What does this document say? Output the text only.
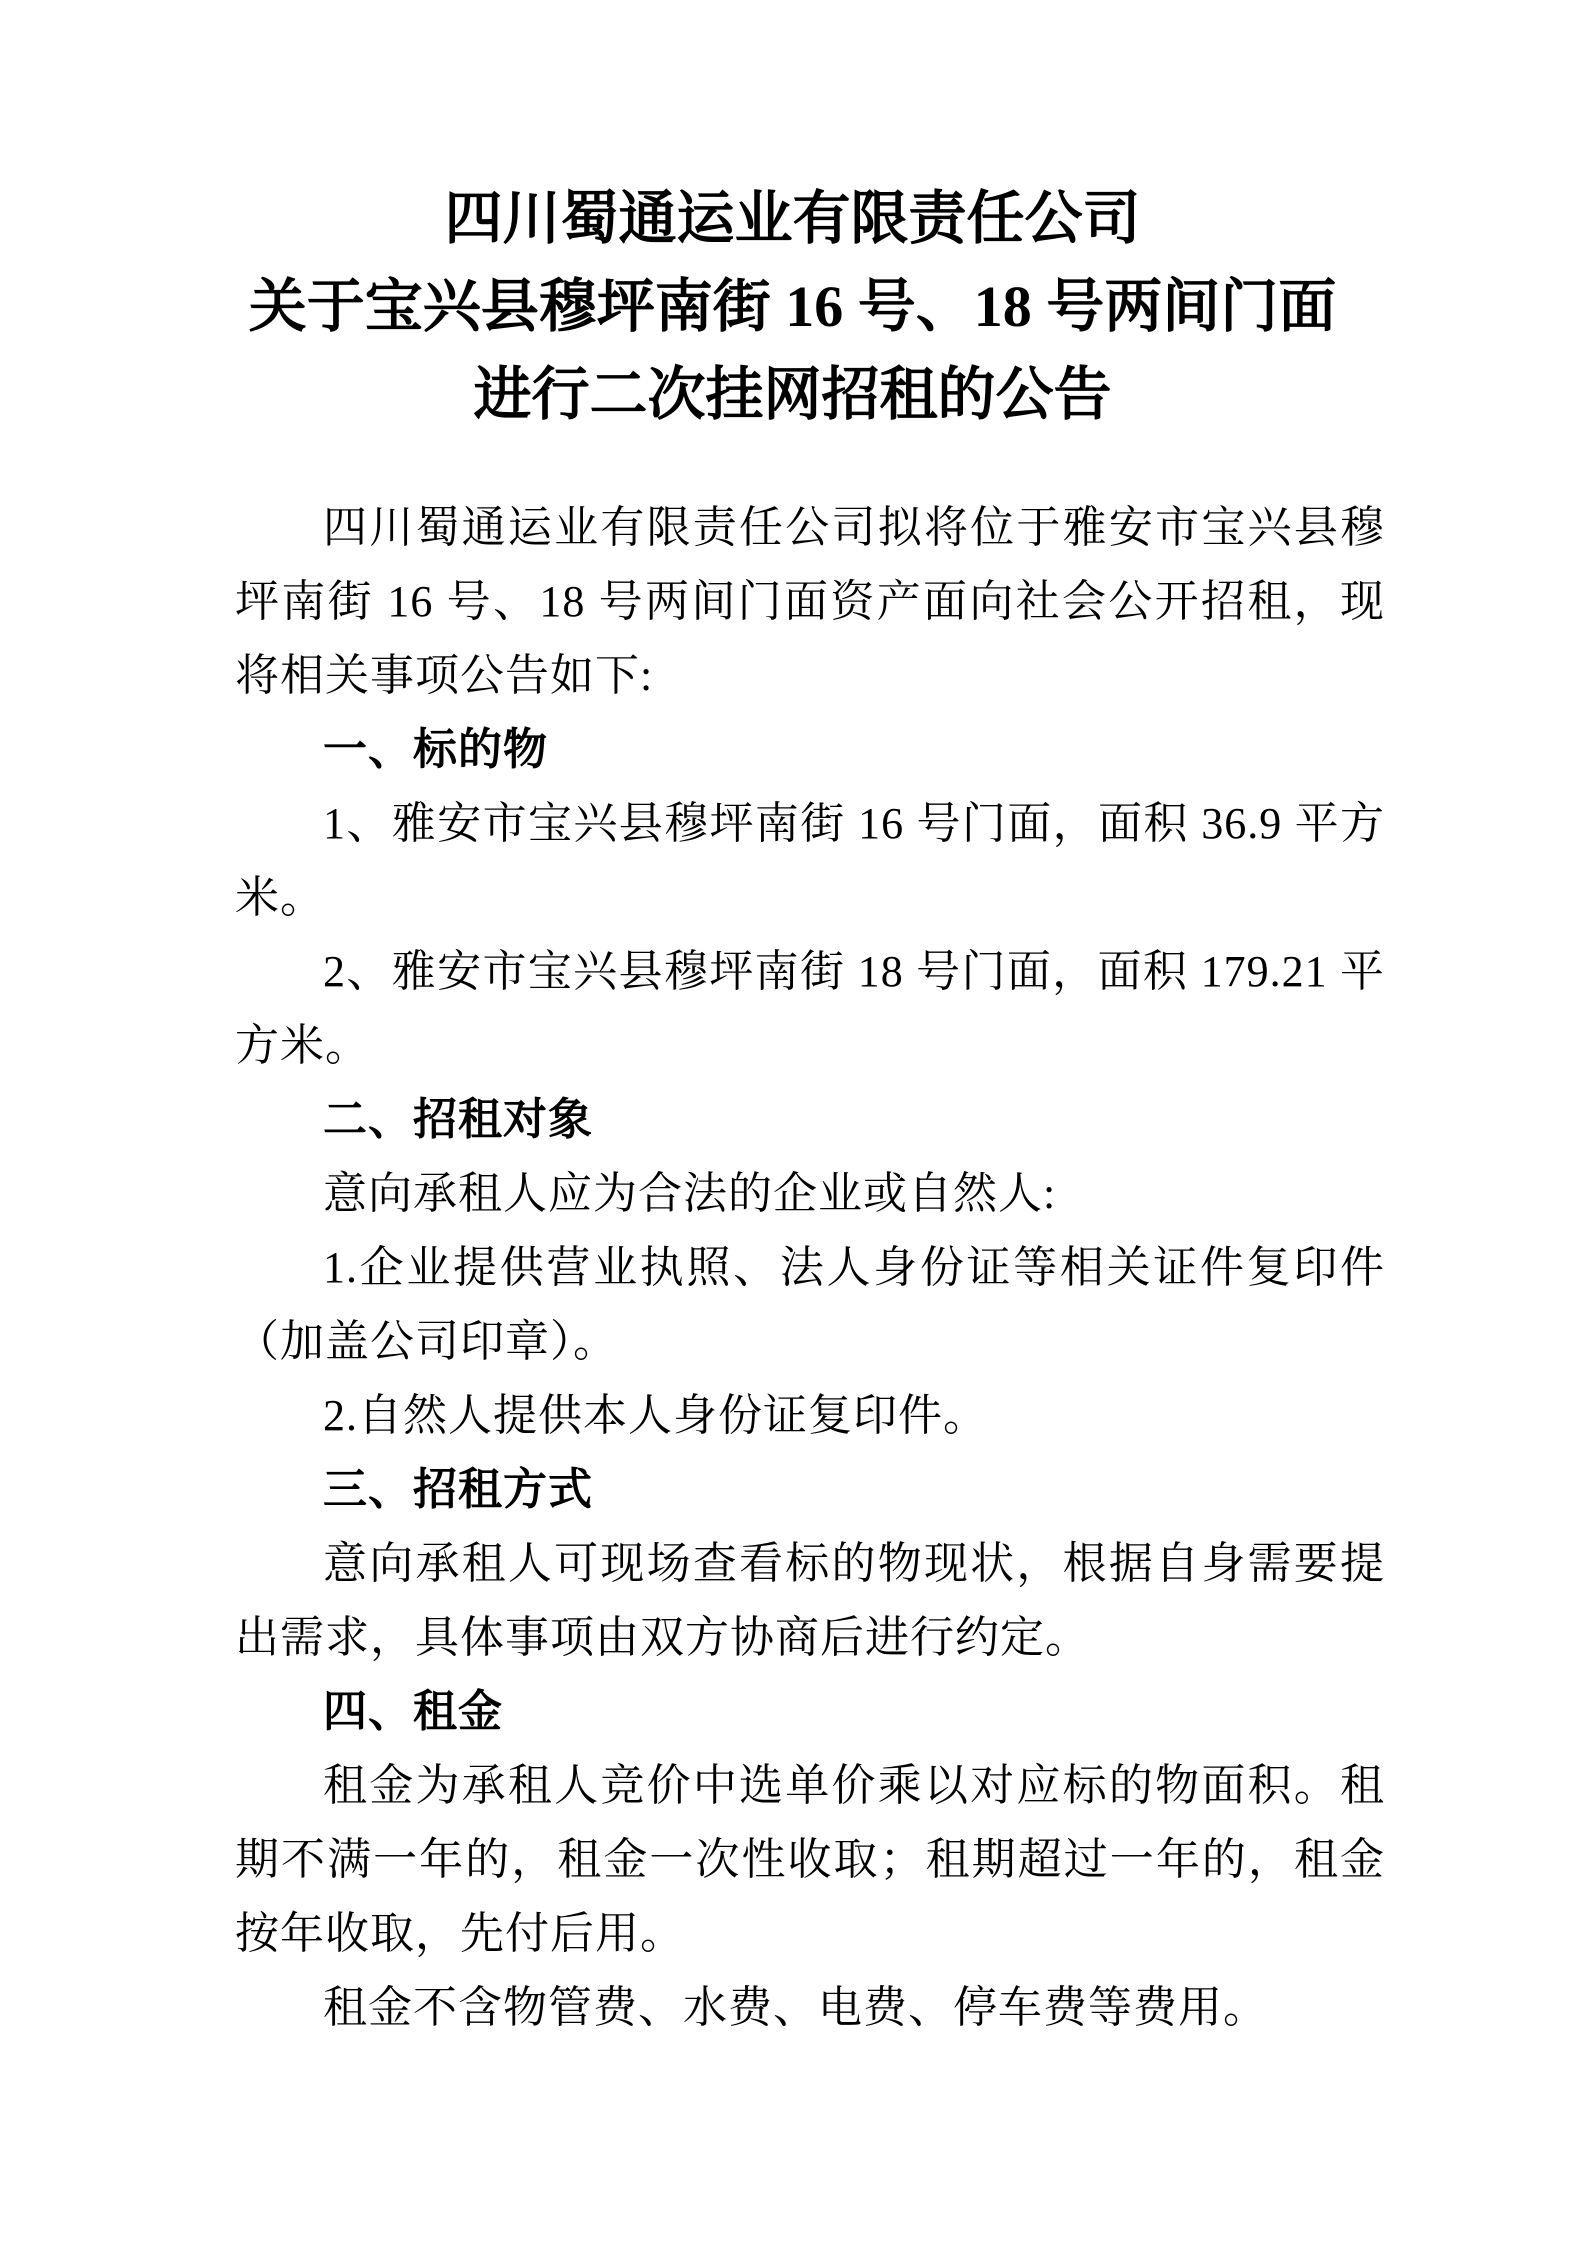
四川蜀通运业有限责任公司
关于宝兴县穆坪南街 16 号、18 号两间门面
进行二次挂网招租的公告

四川蜀通运业有限责任公司拟将位于雅安市宝兴县穆坪南街 16 号、18 号两间门面资产面向社会公开招租，现将相关事项公告如下:

一、标的物

1、雅安市宝兴县穆坪南街 16 号门面，面积 36.9 平方米。

2、雅安市宝兴县穆坪南街 18 号门面，面积 179.21 平方米。

二、招租对象

意向承租人应为合法的企业或自然人:

1.企业提供营业执照、法人身份证等相关证件复印件（加盖公司印章）。

2.自然人提供本人身份证复印件。

三、招租方式

意向承租人可现场查看标的物现状，根据自身需要提出需求，具体事项由双方协商后进行约定。

四、租金

租金为承租人竞价中选单价乘以对应标的物面积。租期不满一年的，租金一次性收取；租期超过一年的，租金按年收取，先付后用。

租金不含物管费、水费、电费、停车费等费用。
